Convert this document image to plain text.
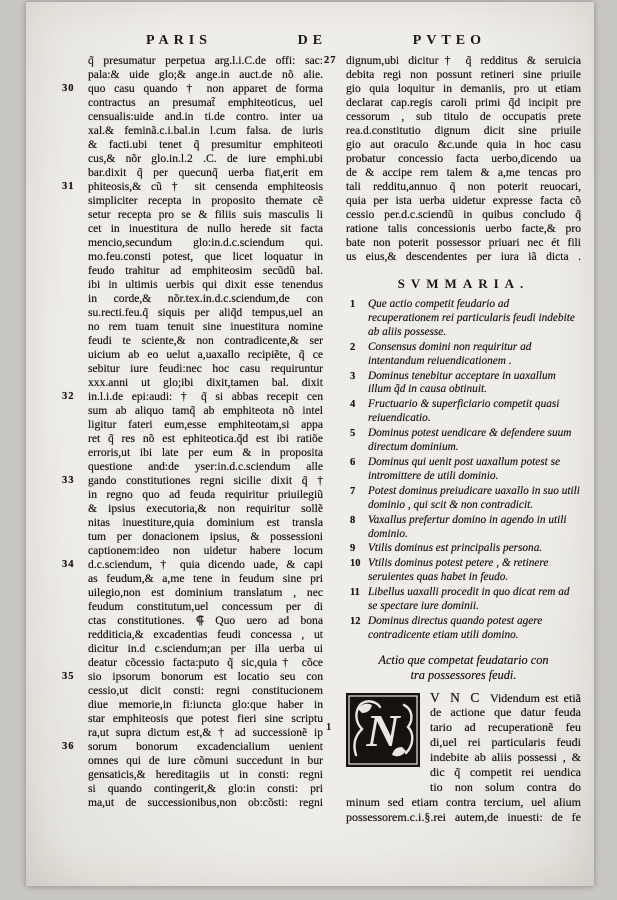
PARIS	DE	PVTEO
q̃ presumatur perpetua arg.l.i.C.de offi: sac:
pala:& uide glo;& ange.in auct.de nõ alie.
30	quo casu quando † non apparet de forma
contractus an presumat̃ emphiteoticus, uel
censualis:uide and.in ti.de contro. inter ua
xal.& feminã.c.i.bal.in l.cum falsa. de iuris
& facti.ubi tenet q̃ presumitur emphiteoti
cus,& nõr glo.in.l.2 .C. de iure emphi.ubi
bar.dixit q̃ per quecunq̃ uerba fiat,erit em
31	phiteosis,& cũ † sit censenda emphiteosis
simpliciter recepta in proposito themate cẽ
setur recepta pro se & filiis suis masculis li
cet in inuestitura de nullo herede sit facta
mencio,secundum glo:in.d.c.sciendum qui.
mo.feu.consti potest, que licet loquatur in
feudo trahitur ad emphiteosim secũdũ bal.
ibi in ultimis uerbis qui dixit esse tenendus
in corde,& nõr.tex.in.d.c.sciendum,de con
su.recti.feu.q̃ siquis per aliq̃d tempus,uel an
no rem tuam tenuit sine inuestitura nomine
feudi te sciente,& non contradicente,& ser
uicium ab eo uelut a,uaxallo recipiẽte, q̃ ce
sebitur iure feudi:nec hoc casu requiruntur
xxx.anni ut glo;ibi dixit,tamen bal. dixit
32	in.l.i.de epi:audi: † q̃ si abbas recepit cen
sum ab aliquo tamq̃ ab emphiteota nõ intel
ligitur fateri eum,esse emphiteotam,si appa
ret q̃ res nõ est ephiteotica.q̃d est ibi ratiõe
erroris,ut ibi late per eum & in proposita
questione and:de yser:in.d.c.sciendum alle
33	gando constitutiones regni sicilie dixit q̃ †
in regno quo ad feuda requiritur priuilegiũ
& ipsius executoria,& non requiritur sollẽ
nitas inuestiture,quia dominium est transla
tum per donacionem ipsius, & possessioni
captionem:ideo non uidetur habere locum
34	d.c.sciendum, † quia dicendo uade, & capi
as feudum,& a,me tene in feudum sine pri
uilegio,non est dominium translatum , nec
feudum constitutum,uel concessum per di
ctas constitutiones. ⸿ Quo uero ad bona
redditicia,& excadentias feudi concessa , ut
dicitur in.d c.sciendum;an per illa uerba ui
deatur cõcessio facta:puto q̃ sic,quia† cõce
35	sio ipsorum bonorum est locatio seu con
cessio,ut dicit consti: regni constitucionem
diue memorie,in fi:iuncta glo:que haber in
star emphiteosis que potest fieri sine scriptu
ra,ut supra dictum est,& † ad successionẽ ip
36	sorum bonorum excadencialium uenient
omnes qui de iure cõmuni succedunt in bur
gensaticis,& hereditagiis ut in consti: regni
si quando contingerit,& glo:in consti: pri
ma,ut de successionibus,non ob:cõsti: regni
27 dignum,ubi dicitur† q̃ redditus & seruicia
debita regi non possunt retineri sine priuile
gio quia loquitur in demaniis, pro ut etiam
declarat cap.regis caroli primi q̃d incipit pre
cessorum , sub titulo de occupatis prete
rea.d.constitutio dignum dicit sine priuile
gio aut oraculo &c.unde quia in hoc casu
probatur concessio facta uerbo,dicendo ua
de & accipe rem talem & a,me tencas pro
tali redditu,annuo q̃ non poterit reuocari,
quia per ista uerba uidetur expresse facta cõ
cessio per.d.c.sciendũ in quibus concludo q̃
ratione talis concessionis uerbo facte,& pro
bate non poterit possessor priuari nec ét fili
us eius,& descendentes per iura iã dicta .
SVMMARIA.
1 Que actio competit feudario ad recuperationem rei particularis feudi indebite ab aliis possesse.
2 Consensus domini non requiritur ad intentandum reiuendicationem .
3 Dominus tenebitur acceptare in uaxallum illum q̃d in causa obtinuit.
4 Fructuario & superficiario competit quasi reiuendicatio.
5 Dominus potest uendicare & defendere suum directum dominium.
6 Dominus qui uenit post uaxallum potest se intromittere de utili dominio.
7 Potest dominus preiudicare uaxallo in suo utili dominio , qui scit & non contradicit.
8 Vaxallus prefertur domino in agendo in utili dominio.
9 Vtilis dominus est principalis persona.
10 Vtilis dominus potest petere , & retinere seruientes quas habet in feudo.
11 Libellus uaxalli procedit in quo dicat rem ad se spectare iure dominii.
12 Dominus directus quando potest agere contradicente etiam utili domino.
Actio que competat feudatario con
tra possessores feudi.
1 N
V N C Videndum est etiã
de actione que datur feuda
tario ad recuperationẽ feu
di,uel rei particularis feudi
indebite ab aliis possessi , &
dic q̃ competit rei uendica
tio non solum contra do
minum sed etiam contra tercium, uel alium
possessorem.c.i.§.rei autem,de inuesti: de fe
